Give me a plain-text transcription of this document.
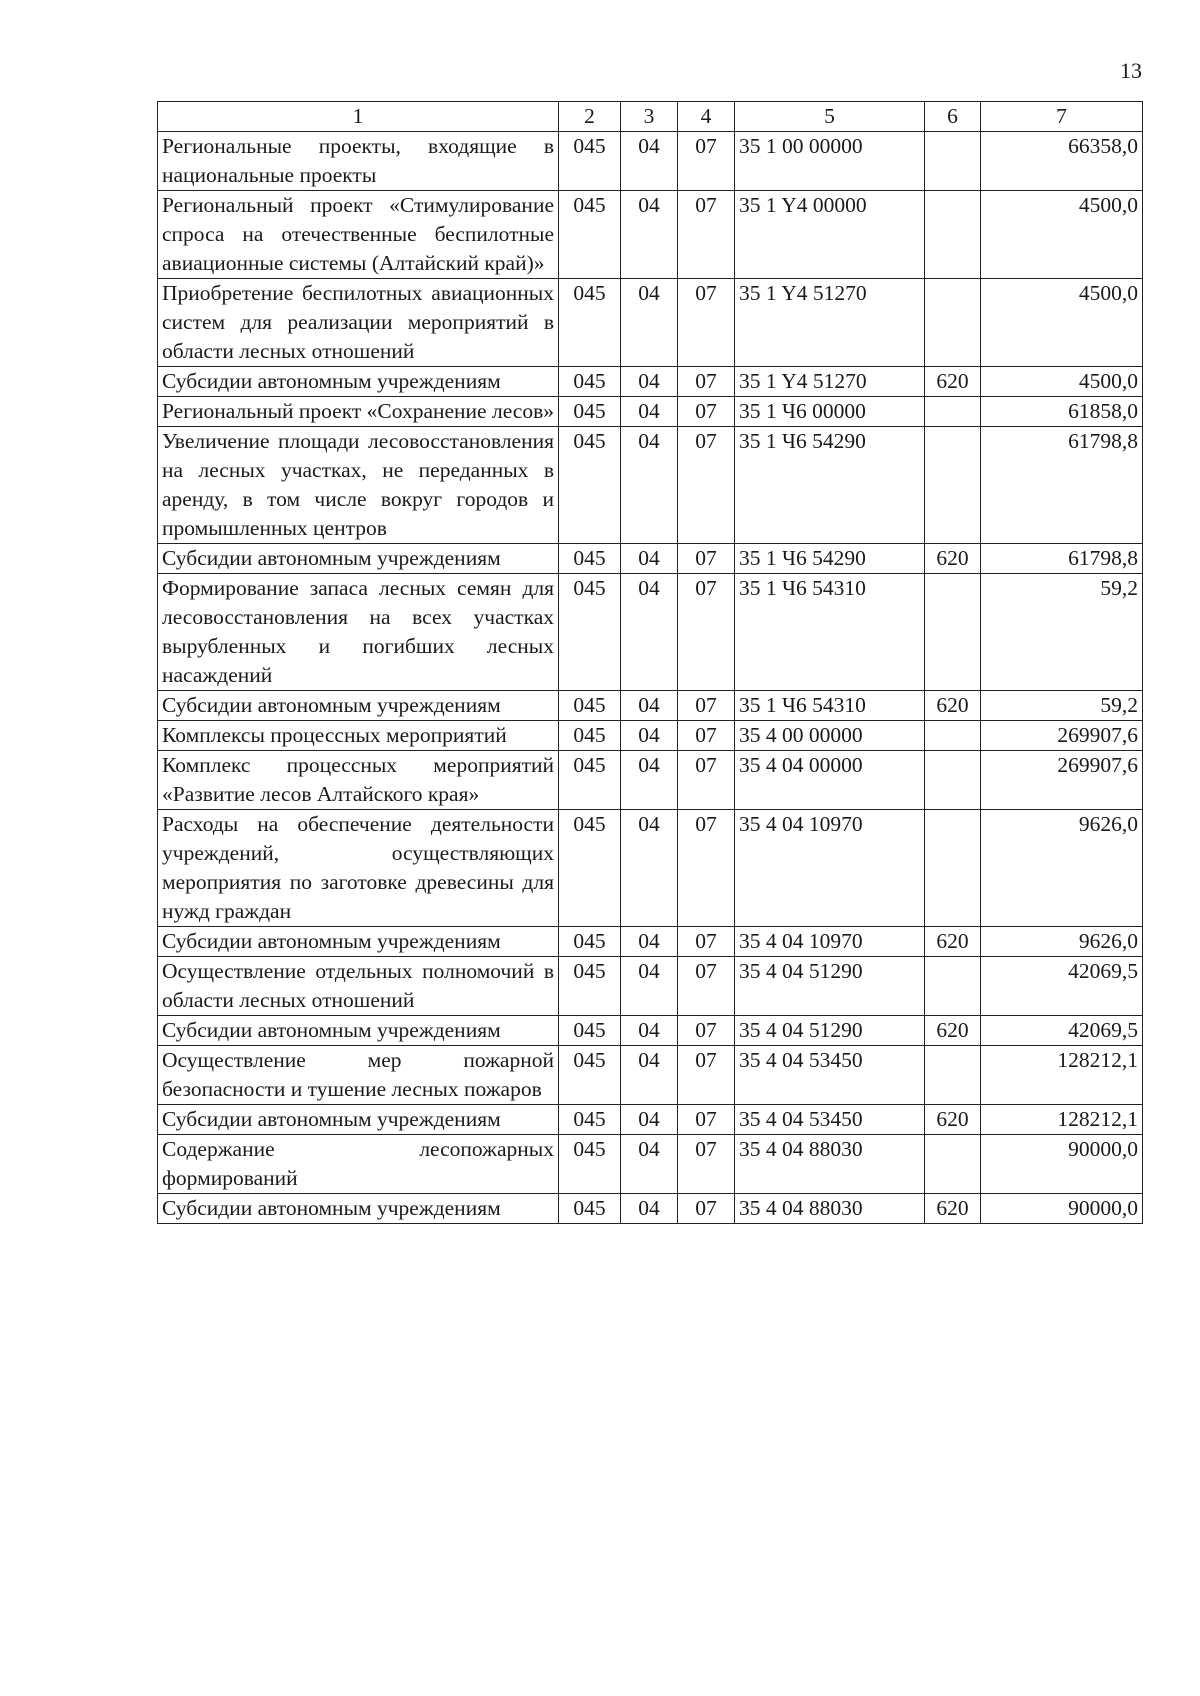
13
1	2	3	4	5	6	7
Региональные проекты, входящие в национальные проекты	045	04	07	35 1 00 00000		66358,0
Региональный проект «Стимулирование спроса на отечественные беспилотные авиационные системы (Алтайский край)»	045	04	07	35 1 Y4 00000		4500,0
Приобретение беспилотных авиационных систем для реализации мероприятий в области лесных отношений	045	04	07	35 1 Y4 51270		4500,0
Субсидии автономным учреждениям	045	04	07	35 1 Y4 51270	620	4500,0
Региональный проект «Сохранение лесов»	045	04	07	35 1 Ч6 00000		61858,0
Увеличение площади лесовосстановления на лесных участках, не переданных в аренду, в том числе вокруг городов и промышленных центров	045	04	07	35 1 Ч6 54290		61798,8
Субсидии автономным учреждениям	045	04	07	35 1 Ч6 54290	620	61798,8
Формирование запаса лесных семян для лесовосстановления на всех участках вырубленных и погибших лесных насаждений	045	04	07	35 1 Ч6 54310		59,2
Субсидии автономным учреждениям	045	04	07	35 1 Ч6 54310	620	59,2
Комплексы процессных мероприятий	045	04	07	35 4 00 00000		269907,6
Комплекс процессных мероприятий «Развитие лесов Алтайского края»	045	04	07	35 4 04 00000		269907,6
Расходы на обеспечение деятельности учреждений, осуществляющих мероприятия по заготовке древесины для нужд граждан	045	04	07	35 4 04 10970		9626,0
Субсидии автономным учреждениям	045	04	07	35 4 04 10970	620	9626,0
Осуществление отдельных полномочий в области лесных отношений	045	04	07	35 4 04 51290		42069,5
Субсидии автономным учреждениям	045	04	07	35 4 04 51290	620	42069,5
Осуществление мер пожарной безопасности и тушение лесных пожаров	045	04	07	35 4 04 53450		128212,1
Субсидии автономным учреждениям	045	04	07	35 4 04 53450	620	128212,1
Содержание лесопожарных формирований	045	04	07	35 4 04 88030		90000,0
Субсидии автономным учреждениям	045	04	07	35 4 04 88030	620	90000,0
